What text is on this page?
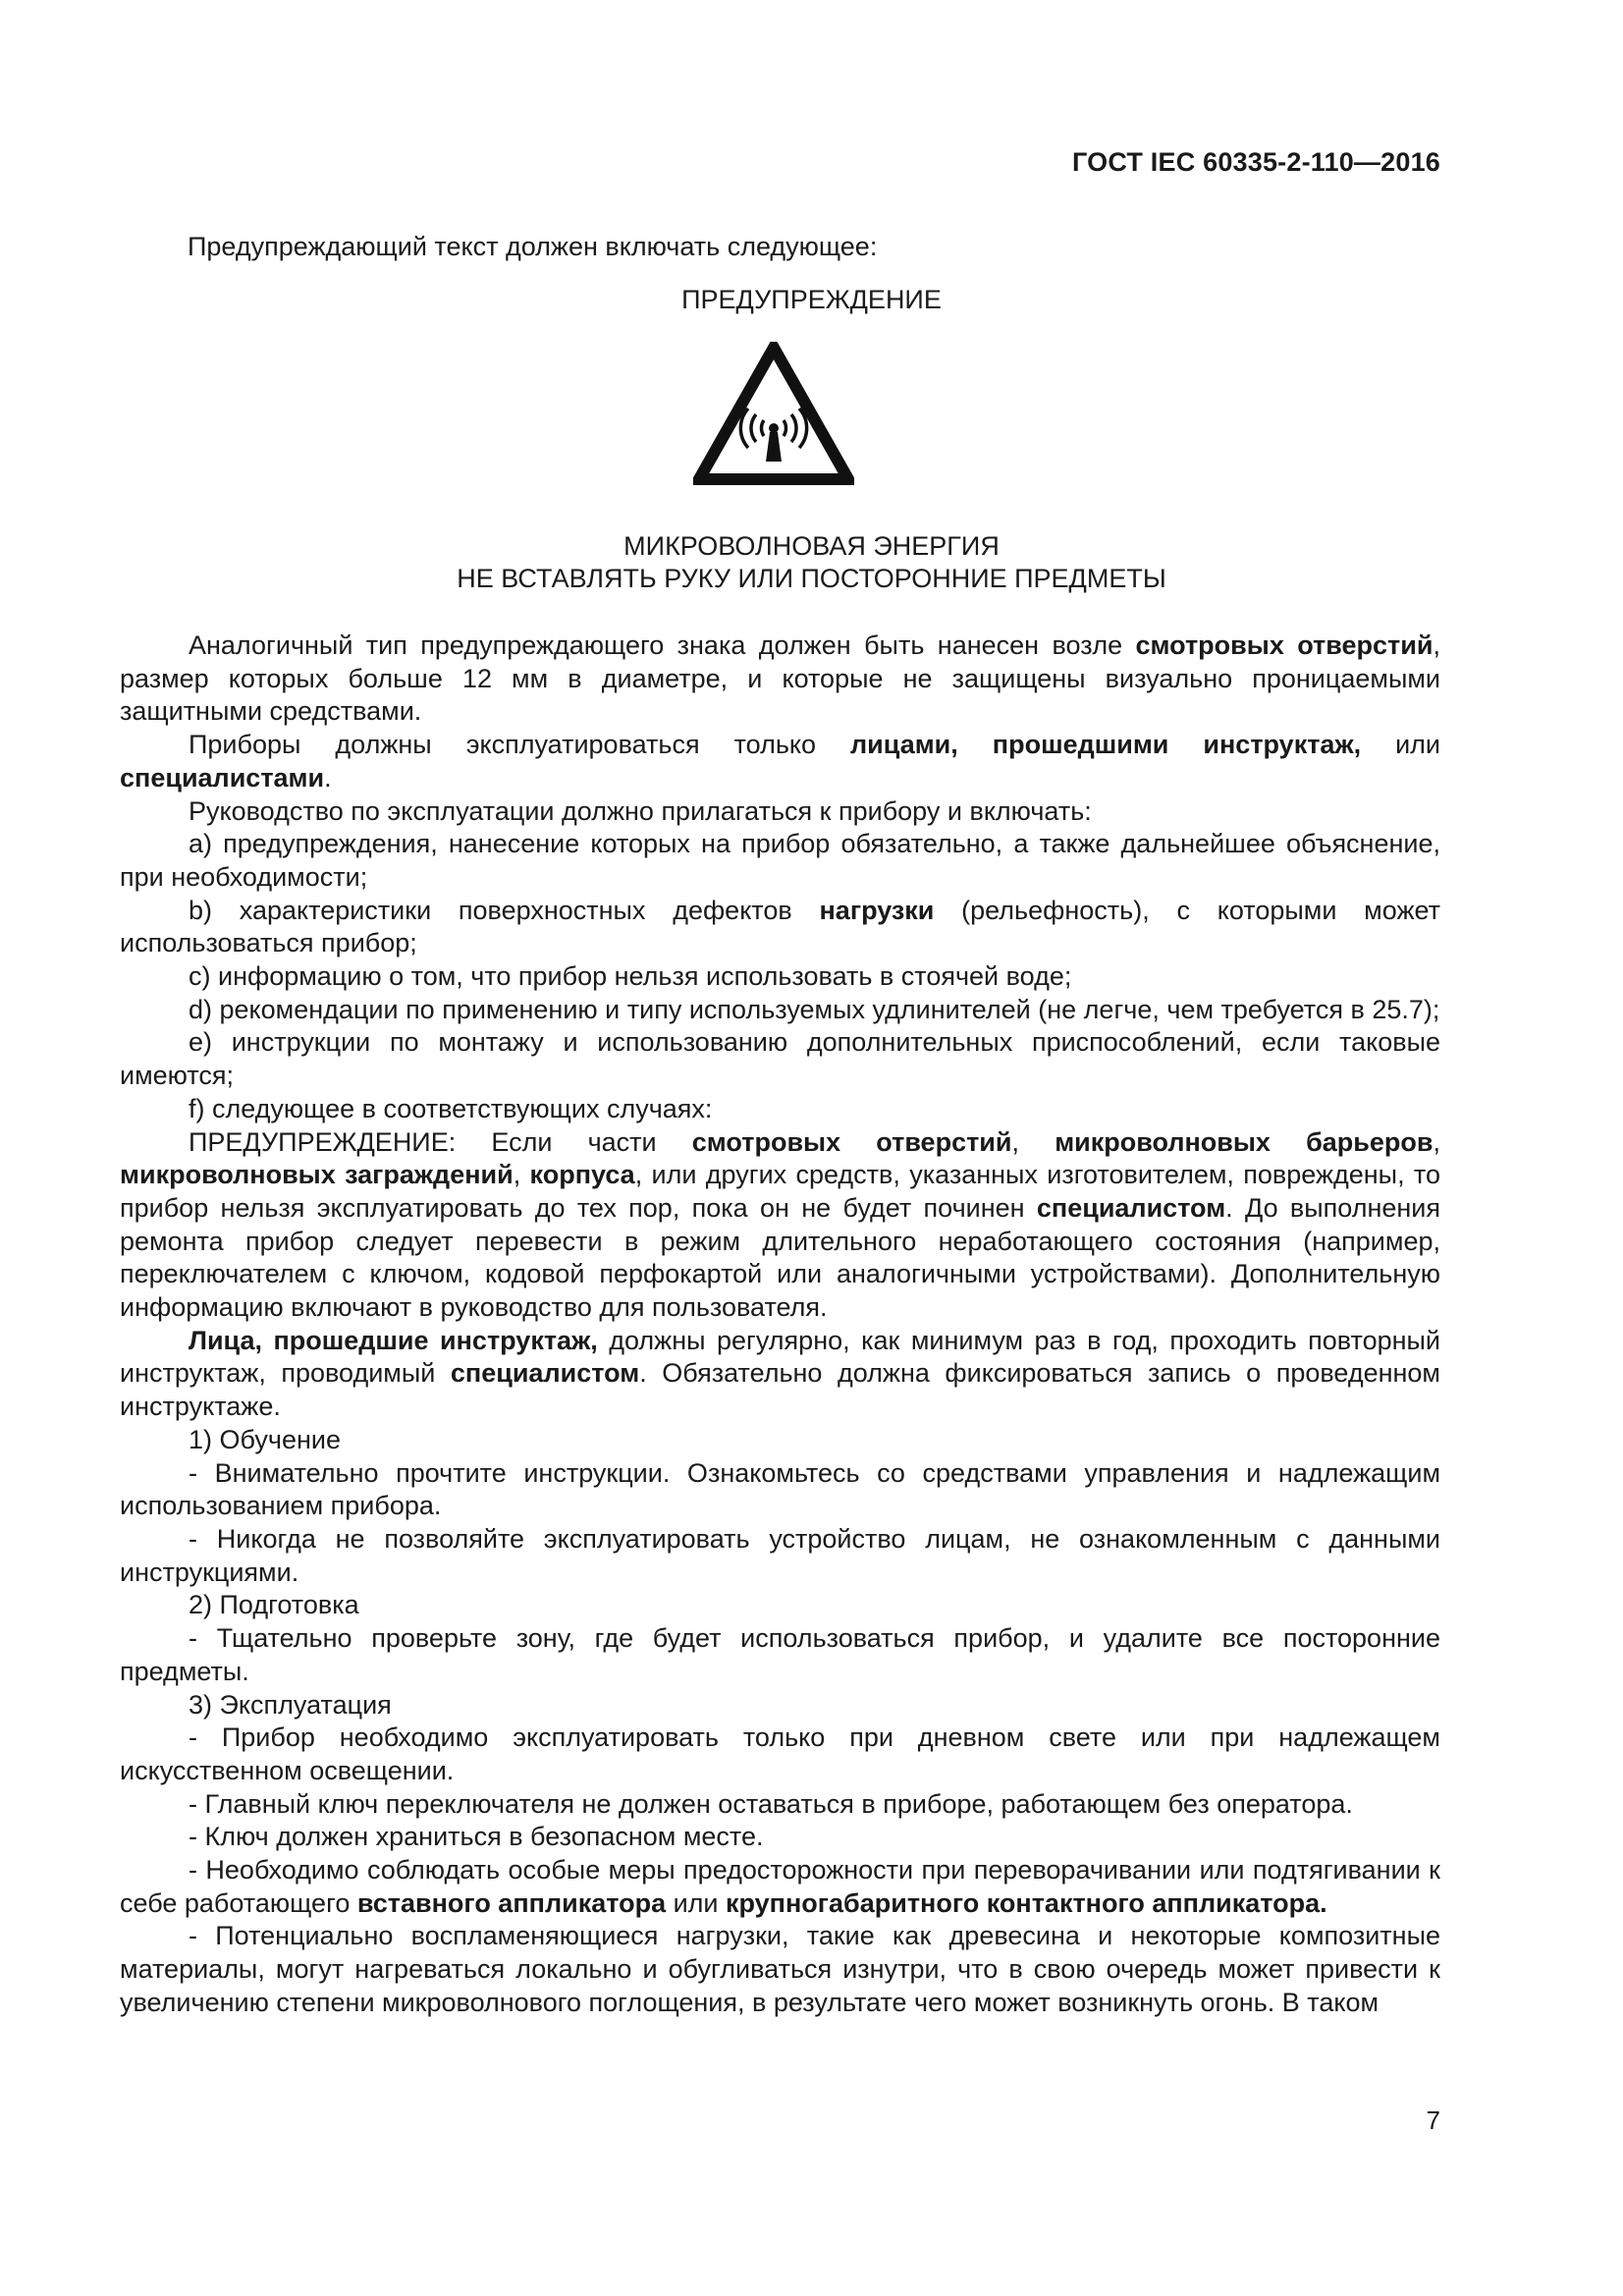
ГОСТ IEC 60335-2-110—2016
Предупреждающий текст должен включать следующее:
ПРЕДУПРЕЖДЕНИЕ
МИКРОВОЛНОВАЯ ЭНЕРГИЯ
НЕ ВСТАВЛЯТЬ РУКУ ИЛИ ПОСТОРОННИЕ ПРЕДМЕТЫ

Аналогичный тип предупреждающего знака должен быть нанесен возле смотровых отверстий, размер которых больше 12 мм в диаметре, и которые не защищены визуально проницаемыми защитными средствами.

Приборы должны эксплуатироваться только лицами, прошедшими инструктаж, или специалистами.

Руководство по эксплуатации должно прилагаться к прибору и включать:

a) предупреждения, нанесение которых на прибор обязательно, а также дальнейшее объяснение, при необходимости;

b) характеристики поверхностных дефектов нагрузки (рельефность), с которыми может использоваться прибор;

c) информацию о том, что прибор нельзя использовать в стоячей воде;

d) рекомендации по применению и типу используемых удлинителей (не легче, чем требуется в 25.7);

e) инструкции по монтажу и использованию дополнительных приспособлений, если таковые имеются;

f) следующее в соответствующих случаях:

ПРЕДУПРЕЖДЕНИЕ: Если части смотровых отверстий, микроволновых барьеров, микроволновых заграждений, корпуса, или других средств, указанных изготовителем, повреждены, то прибор нельзя эксплуатировать до тех пор, пока он не будет починен специалистом. До выполнения ремонта прибор следует перевести в режим длительного неработающего состояния (например, переключателем с ключом, кодовой перфокартой или аналогичными устройствами). Дополнительную информацию включают в руководство для пользователя.

Лица, прошедшие инструктаж, должны регулярно, как минимум раз в год, проходить повторный инструктаж, проводимый специалистом. Обязательно должна фиксироваться запись о проведенном инструктаже.

1) Обучение

- Внимательно прочтите инструкции. Ознакомьтесь со средствами управления и надлежащим использованием прибора.

- Никогда не позволяйте эксплуатировать устройство лицам, не ознакомленным с данными инструкциями.

2) Подготовка

- Тщательно проверьте зону, где будет использоваться прибор, и удалите все посторонние предметы.

3) Эксплуатация

- Прибор необходимо эксплуатировать только при дневном свете или при надлежащем искусственном освещении.

- Главный ключ переключателя не должен оставаться в приборе, работающем без оператора.

- Ключ должен храниться в безопасном месте.

- Необходимо соблюдать особые меры предосторожности при переворачивании или подтягивании к себе работающего вставного аппликатора или крупногабаритного контактного аппликатора.

- Потенциально воспламеняющиеся нагрузки, такие как древесина и некоторые композитные материалы, могут нагреваться локально и обугливаться изнутри, что в свою очередь может привести к увеличению степени микроволнового поглощения, в результате чего может возникнуть огонь. В таком

7
